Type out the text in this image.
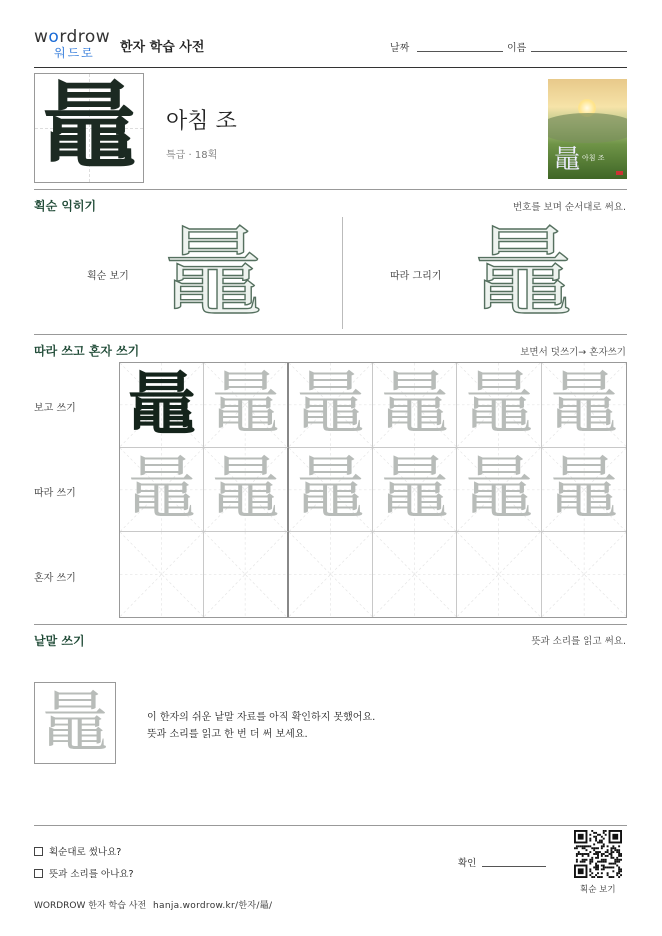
wordrow
워드로	한자 학습 사전	날짜	이름
鼂	아침 조
특급 · 18획	鼂 아침 조
획순 익히기	번호를 보며 순서대로 써요.
획순 보기 鼂	따라 그리기 鼂
따라 쓰고 혼자 쓰기	보면서 덧쓰기→ 혼자쓰기
보고 쓰기
따라 쓰기
혼자 쓰기
鼂 鼂 鼂 鼂 鼂 鼂
鼂 鼂 鼂 鼂 鼂 鼂
낱말 쓰기	뜻과 소리를 읽고 써요.
鼂	이 한자의 쉬운 낱말 자료를 아직 확인하지 못했어요.
뜻과 소리를 읽고 한 번 더 써 보세요.
획순대로 썼나요?
뜻과 소리를 아나요?
확인
획순 보기
WORDROW 한자 학습 사전 hanja.wordrow.kr/한자/鼂/
